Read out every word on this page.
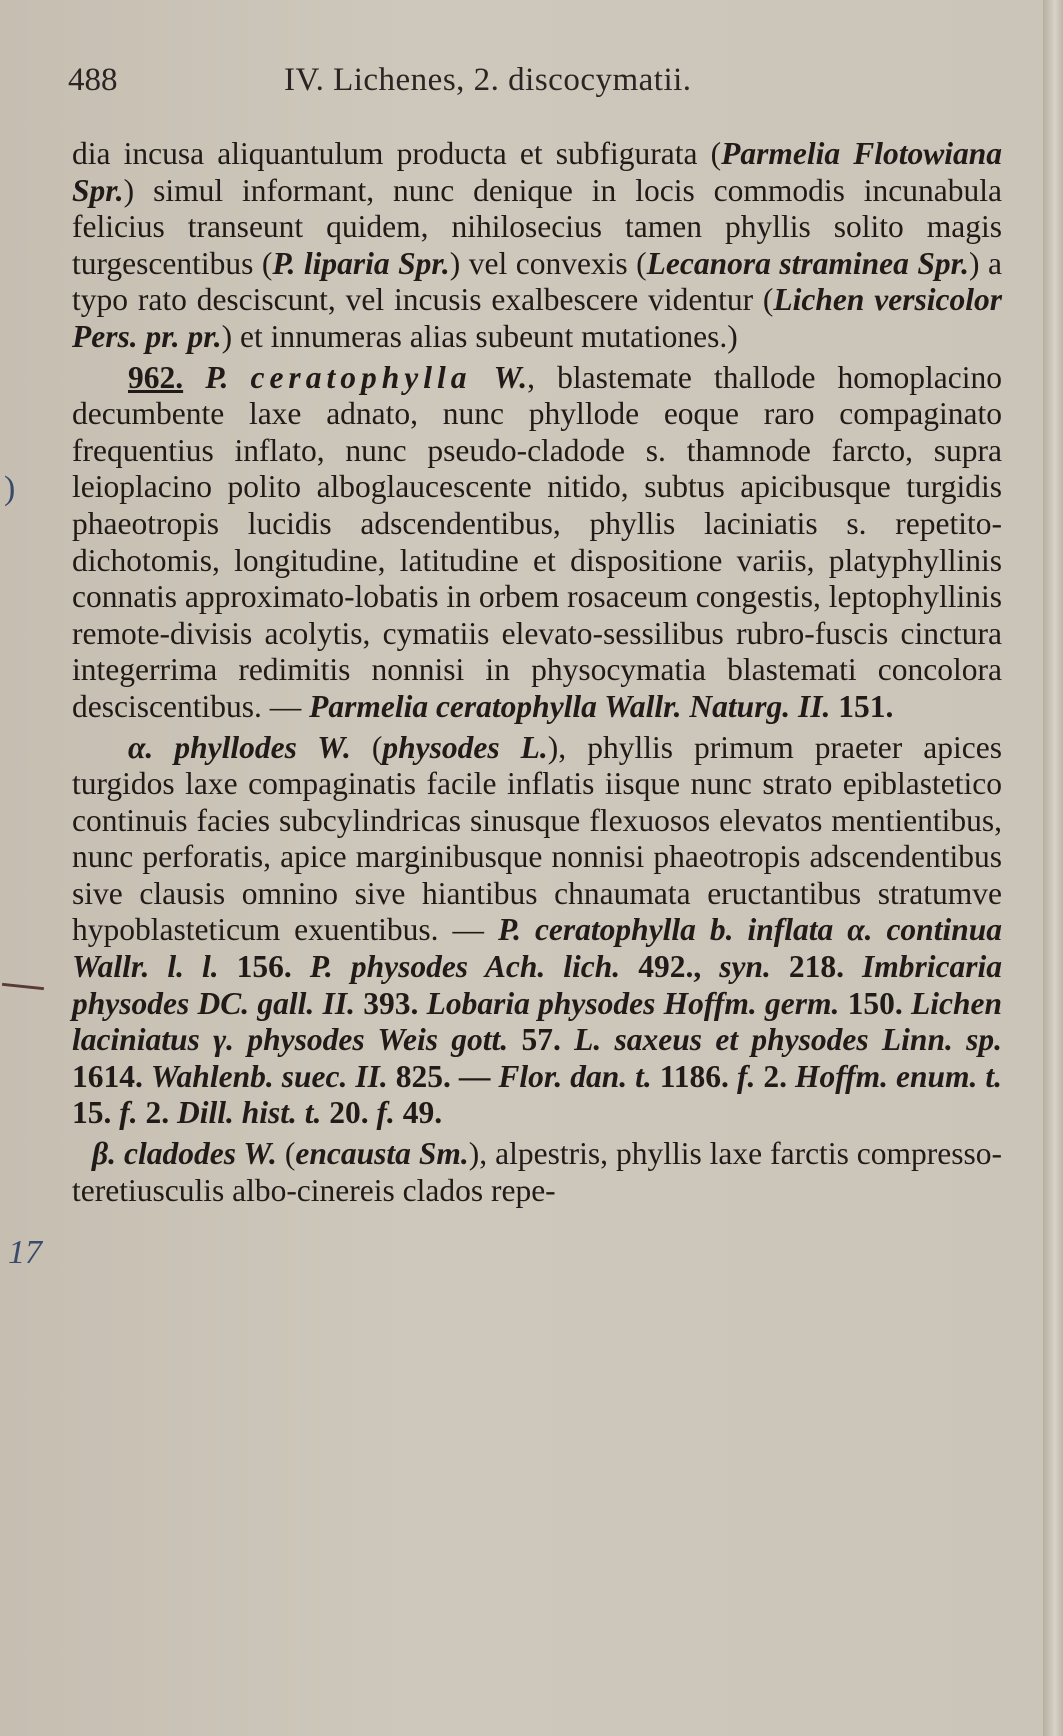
488	IV. Lichenes, 2. discocymatii.
)
17

dia incusa aliquantulum producta et subfigurata (Parmelia Flotowiana Spr.) simul informant, nunc denique in locis commodis incunabula felicius transeunt quidem, nihilosecius tamen phyllis solito magis turgescentibus (P. liparia Spr.) vel convexis (Lecanora straminea Spr.) a typo rato desciscunt, vel incusis exalbescere videntur (Lichen versicolor Pers. pr. pr.) et innumeras alias subeunt mutationes.)

962. P. ceratophylla W., blastemate thallode homoplacino decumbente laxe adnato, nunc phyllode eoque raro compaginato frequentius inflato, nunc pseudo-cladode s. thamnode farcto, supra leioplacino polito alboglaucescente nitido, subtus apicibusque turgidis phaeotropis lucidis adscendentibus, phyllis laciniatis s. repetito-dichotomis, longitudine, latitudine et dispositione variis, platyphyllinis connatis approximato-lobatis in orbem rosaceum congestis, leptophyllinis remote-divisis acolytis, cymatiis elevato-sessilibus rubro-fuscis cinctura integerrima redimitis nonnisi in physocymatia blastemati concolora desciscentibus. — Parmelia ceratophylla Wallr. Naturg. II. 151.

α. phyllodes W. (physodes L.), phyllis primum praeter apices turgidos laxe compaginatis facile inflatis iisque nunc strato epiblastetico continuis facies subcylindricas sinusque flexuosos elevatos mentientibus, nunc perforatis, apice marginibusque nonnisi phaeotropis adscendentibus sive clausis omnino sive hiantibus chnaumata eructantibus stratumve hypoblasteticum exuentibus. — P. ceratophylla b. inflata α. continua Wallr. l. l. 156. P. physodes Ach. lich. 492., syn. 218. Imbricaria physodes DC. gall. II. 393. Lobaria physodes Hoffm. germ. 150. Lichen laciniatus γ. physodes Weis gott. 57. L. saxeus et physodes Linn. sp. 1614. Wahlenb. suec. II. 825. — Flor. dan. t. 1186. f. 2. Hoffm. enum. t. 15. f. 2. Dill. hist. t. 20. f. 49.

β. cladodes W. (encausta Sm.), alpestris, phyllis laxe farctis compresso-teretiusculis albo-cinereis clados repe-
